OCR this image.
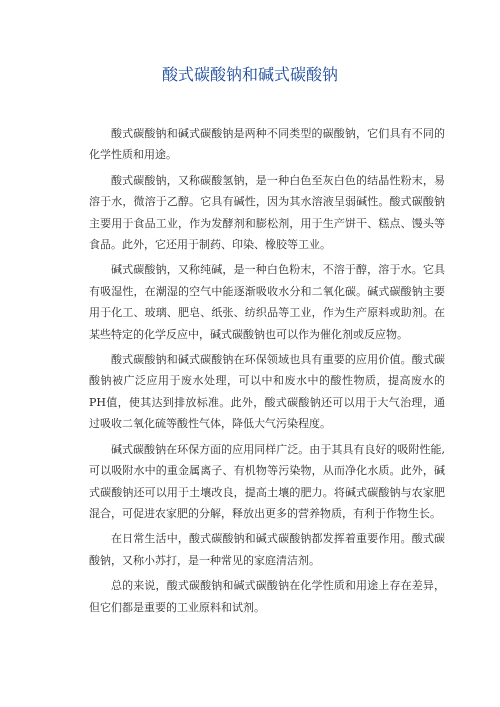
酸式碳酸钠和碱式碳酸钠

酸式碳酸钠和碱式碳酸钠是两种不同类型的碳酸钠，它们具有不同的化学性质和用途。

酸式碳酸钠，又称碳酸氢钠，是一种白色至灰白色的结晶性粉末，易溶于水，微溶于乙醇。它具有碱性，因为其水溶液呈弱碱性。酸式碳酸钠主要用于食品工业，作为发酵剂和膨松剂，用于生产饼干、糕点、馒头等食品。此外，它还用于制药、印染、橡胶等工业。

碱式碳酸钠，又称纯碱，是一种白色粉末，不溶于醇，溶于水。它具有吸湿性，在潮湿的空气中能逐渐吸收水分和二氧化碳。碱式碳酸钠主要用于化工、玻璃、肥皂、纸张、纺织品等工业，作为生产原料或助剂。在某些特定的化学反应中，碱式碳酸钠也可以作为催化剂或反应物。

酸式碳酸钠和碱式碳酸钠在环保领域也具有重要的应用价值。酸式碳酸钠被广泛应用于废水处理，可以中和废水中的酸性物质，提高废水的PH值，使其达到排放标准。此外，酸式碳酸钠还可以用于大气治理，通过吸收二氧化硫等酸性气体，降低大气污染程度。

碱式碳酸钠在环保方面的应用同样广泛。由于其具有良好的吸附性能,可以吸附水中的重金属离子、有机物等污染物，从而净化水质。此外，碱式碳酸钠还可以用于土壤改良，提高土壤的肥力。将碱式碳酸钠与农家肥混合，可促进农家肥的分解，释放出更多的营养物质，有利于作物生长。

在日常生活中，酸式碳酸钠和碱式碳酸钠都发挥着重要作用。酸式碳酸钠，又称小苏打，是一种常见的家庭清洁剂。

总的来说，酸式碳酸钠和碱式碳酸钠在化学性质和用途上存在差异，但它们都是重要的工业原料和试剂。
